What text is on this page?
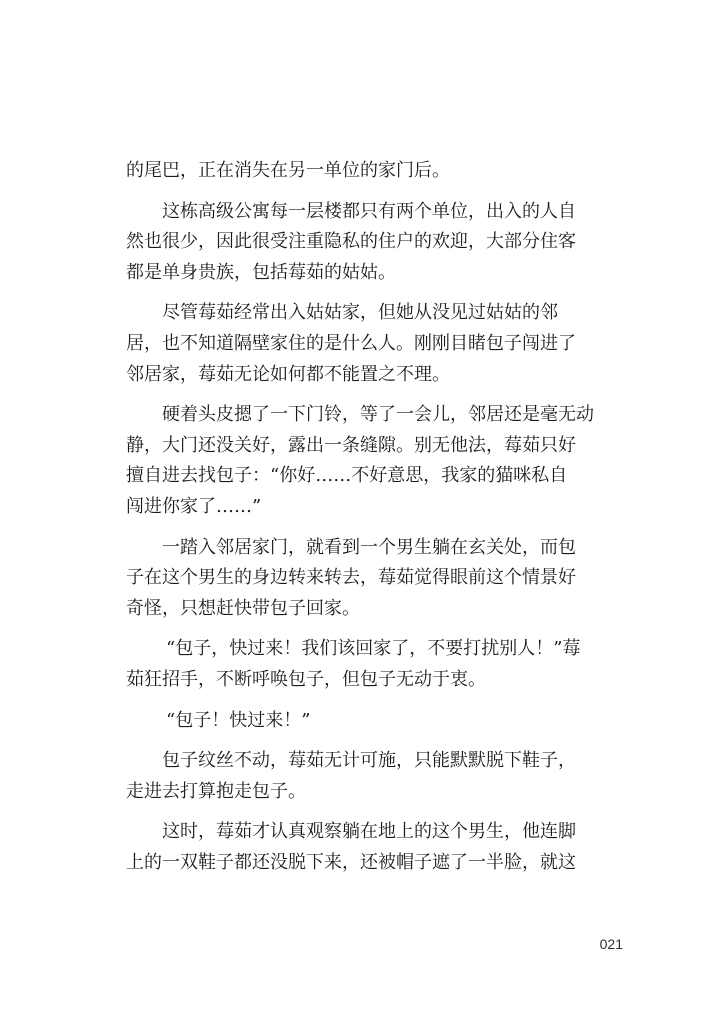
的尾巴，正在消失在另一单位的家门后。
这栋高级公寓每一层楼都只有两个单位，出入的人自
然也很少，因此很受注重隐私的住户的欢迎，大部分住客
都是单身贵族，包括莓茹的姑姑。
尽管莓茹经常出入姑姑家，但她从没见过姑姑的邻
居，也不知道隔壁家住的是什么人。刚刚目睹包子闯进了
邻居家，莓茹无论如何都不能置之不理。
硬着头皮摁了一下门铃，等了一会儿，邻居还是毫无动
静，大门还没关好，露出一条缝隙。别无他法，莓茹只好
擅自进去找包子：“你好……不好意思，我家的猫咪私自
闯进你家了……”
一踏入邻居家门，就看到一个男生躺在玄关处，而包
子在这个男生的身边转来转去，莓茹觉得眼前这个情景好
奇怪，只想赶快带包子回家。
“包子，快过来！我们该回家了，不要打扰别人！”莓
茹狂招手，不断呼唤包子，但包子无动于衷。
“包子！快过来！”
包子纹丝不动，莓茹无计可施，只能默默脱下鞋子，
走进去打算抱走包子。
这时，莓茹才认真观察躺在地上的这个男生，他连脚
上的一双鞋子都还没脱下来，还被帽子遮了一半脸，就这
021
